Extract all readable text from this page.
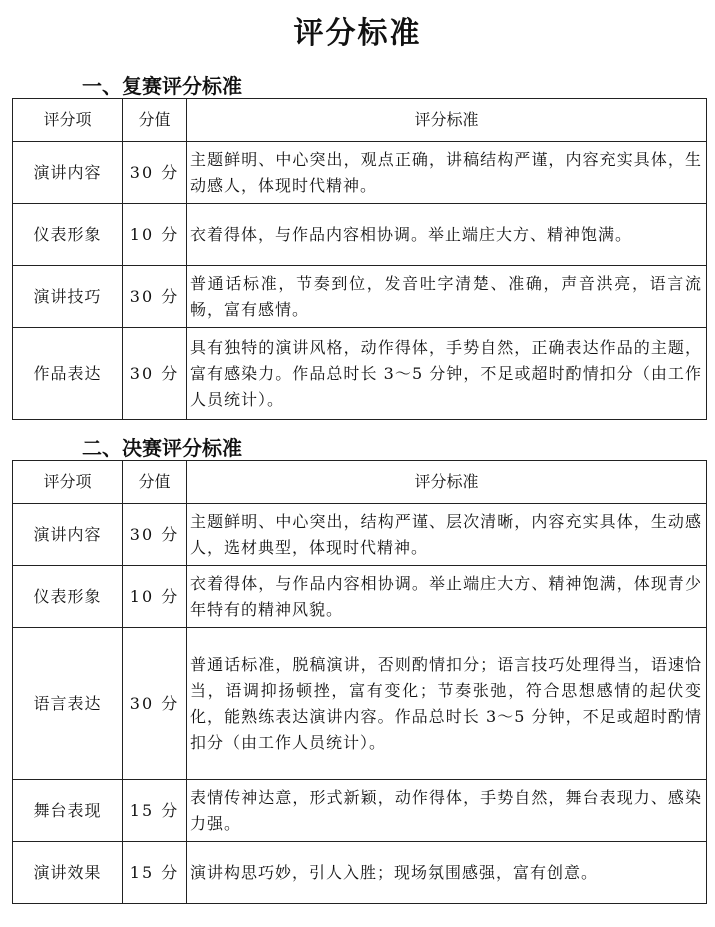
评分标准
一、复赛评分标准
评分项	分值	评分标准
演讲内容	30 分	主题鲜明、中心突出，观点正确，讲稿结构严谨，内容充实具体，生动感人，体现时代精神。
仪表形象	10 分	衣着得体，与作品内容相协调。举止端庄大方、精神饱满。
演讲技巧	30 分	普通话标准，节奏到位，发音吐字清楚、准确，声音洪亮，语言流畅，富有感情。
作品表达	30 分	具有独特的演讲风格，动作得体，手势自然，正确表达作品的主题，富有感染力。作品总时长 3～5 分钟，不足或超时酌情扣分（由工作人员统计）。
二、决赛评分标准
评分项	分值	评分标准
演讲内容	30 分	主题鲜明、中心突出，结构严谨、层次清晰，内容充实具体，生动感人，选材典型，体现时代精神。
仪表形象	10 分	衣着得体，与作品内容相协调。举止端庄大方、精神饱满，体现青少年特有的精神风貌。
语言表达	30 分	普通话标准，脱稿演讲，否则酌情扣分；语言技巧处理得当，语速恰当，语调抑扬顿挫，富有变化；节奏张弛，符合思想感情的起伏变化，能熟练表达演讲内容。作品总时长 3～5 分钟，不足或超时酌情扣分（由工作人员统计）。
舞台表现	15 分	表情传神达意，形式新颖，动作得体，手势自然，舞台表现力、感染力强。
演讲效果	15 分	演讲构思巧妙，引人入胜；现场氛围感强，富有创意。
